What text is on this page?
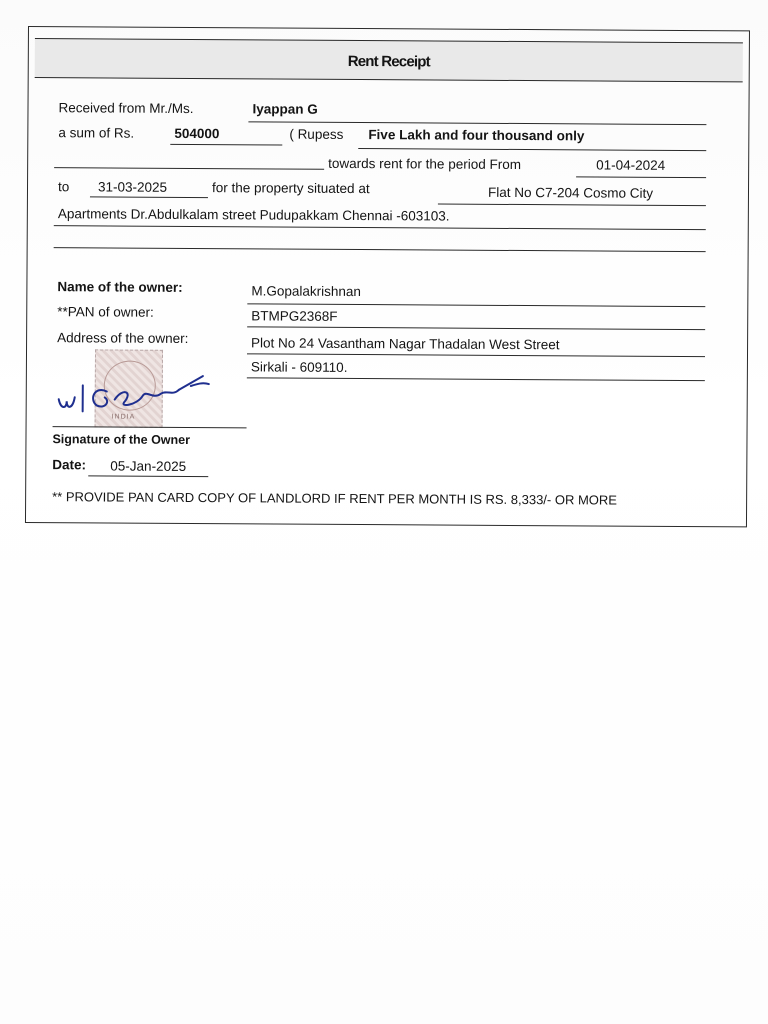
Rent Receipt
Received from Mr./Ms.	Iyappan G
a sum of Rs.	504000	( Rupess Five Lakh and four thousand only
towards rent for the period From	01-04-2024
to 31-03-2025	for the property situated at	Flat No C7-204 Cosmo City
Apartments Dr.Abdulkalam street Pudupakkam Chennai -603103.
Name of the owner:	M.Gopalakrishnan
**PAN of owner:	BTMPG2368F
Address of the owner:	Plot No 24 Vasantham Nagar Thadalan West Street
Sirkali - 609110.
INDIA
Signature of the Owner
Date: 05-Jan-2025
** PROVIDE PAN CARD COPY OF LANDLORD IF RENT PER MONTH IS RS. 8,333/- OR MORE
